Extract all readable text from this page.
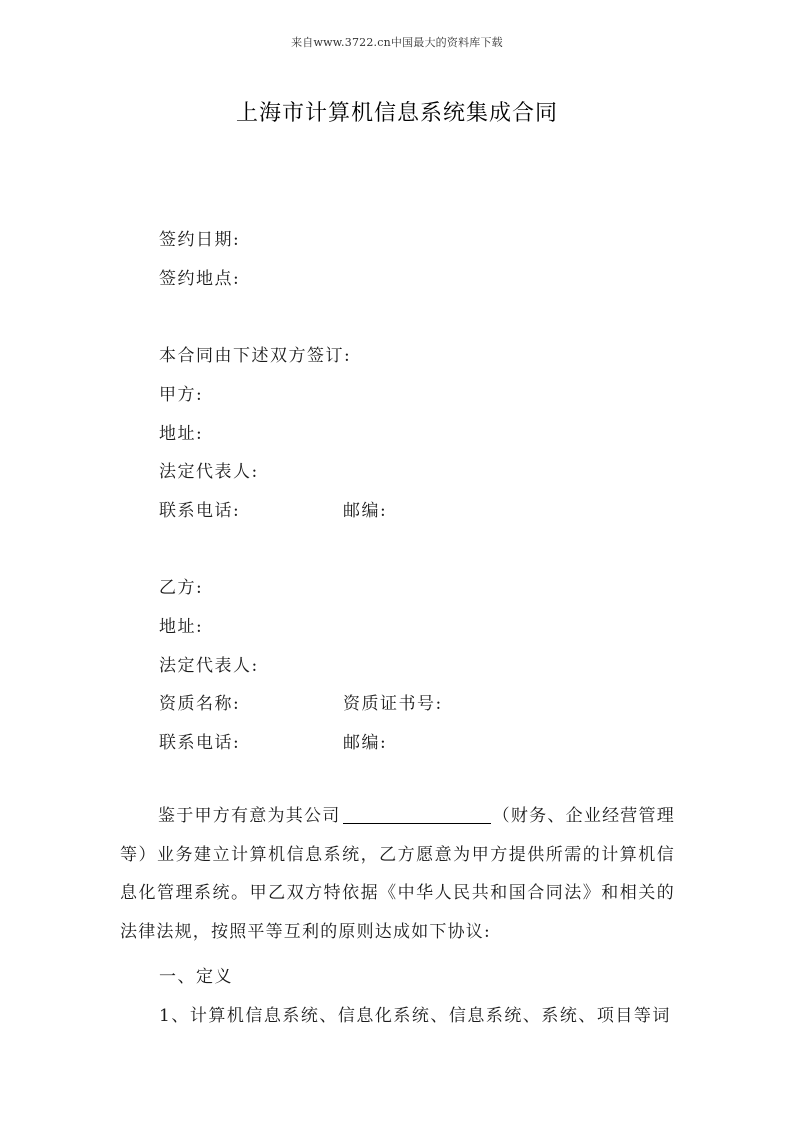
来自www.3722.cn中国最大的资料库下载
上海市计算机信息系统集成合同
签约日期:
签约地点:
本合同由下述双方签订:
甲方:
地址:
法定代表人:
联系电话:	邮编:
乙方:
地址:
法定代表人:
资质名称:	资质证书号:
联系电话:	邮编:
鉴于甲方有意为其公司	（财务、企业经营管理等）业务建立计算机信息系统，乙方愿意为甲方提供所需的计算机信息化管理系统。甲乙双方特依据《中华人民共和国合同法》和相关的法律法规，按照平等互利的原则达成如下协议:
一、定义
1、计算机信息系统、信息化系统、信息系统、系统、项目等词
